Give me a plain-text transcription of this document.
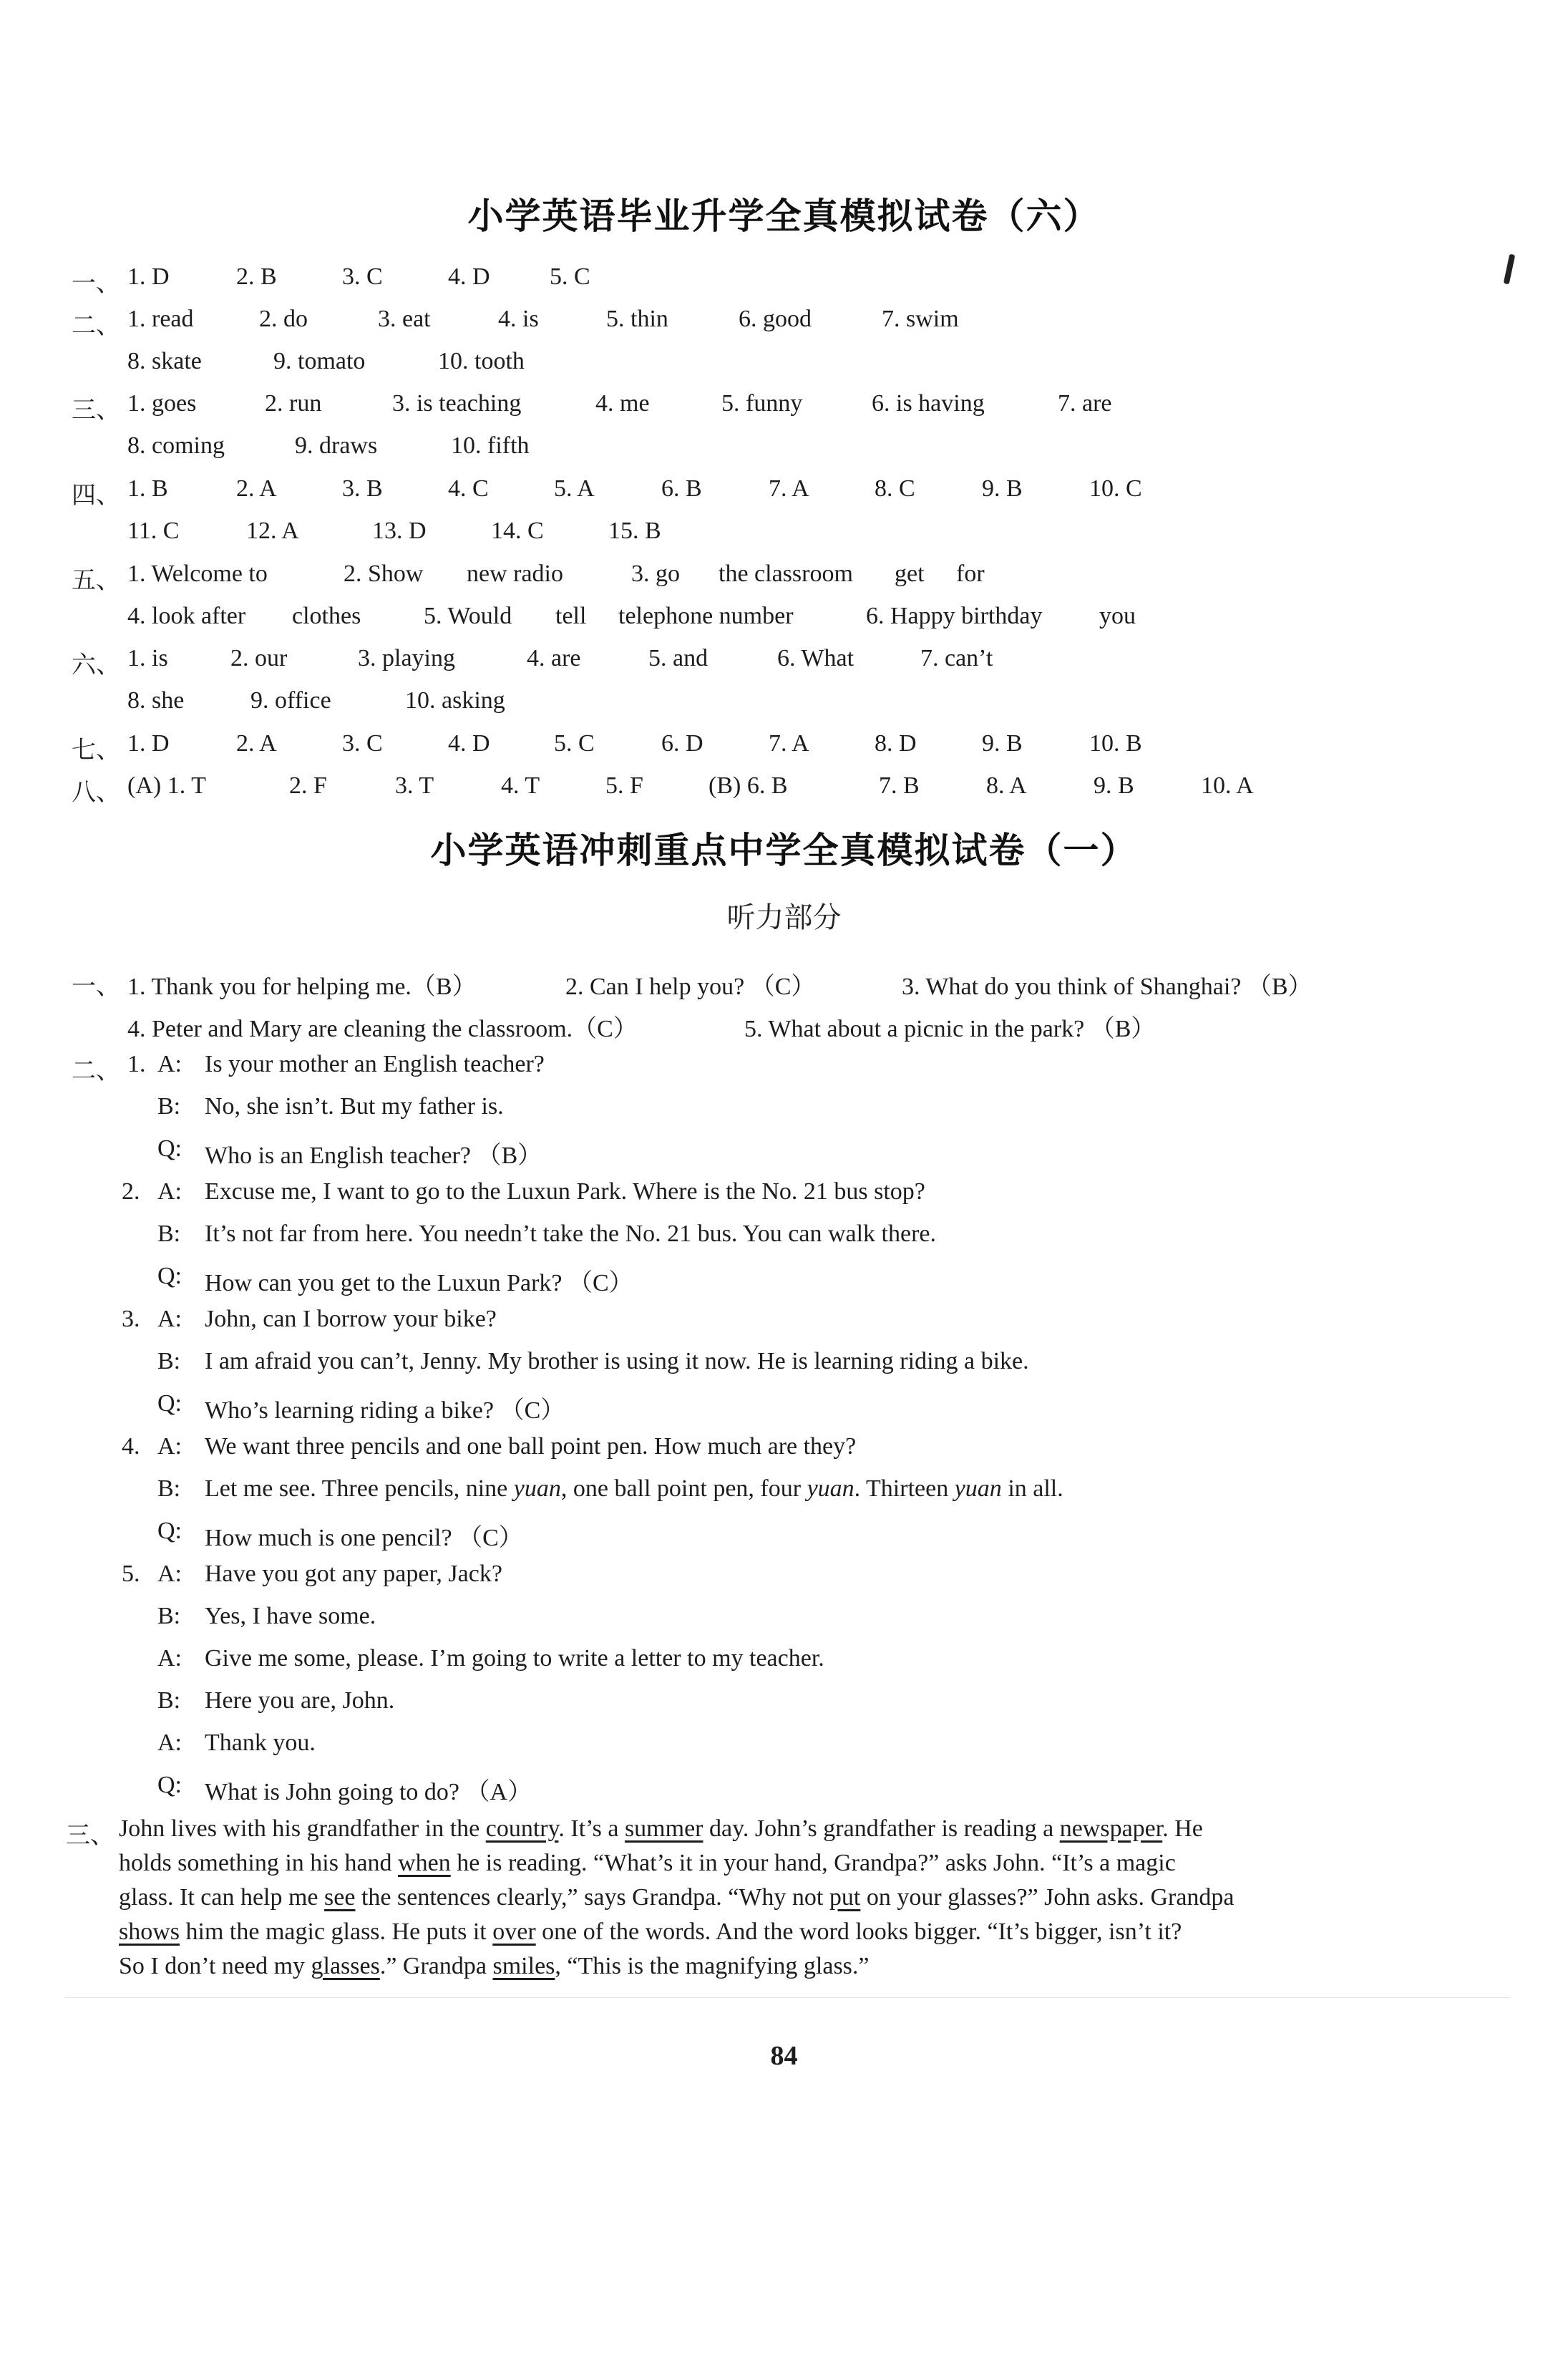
小学英语毕业升学全真模拟试卷（六）
一、 1. D	2. B	3. C	4. D 5. C
二、 1. read	2. do	3. eat	4. is	5. thin	6. good	7. swim
8. skate	9. tomato	10. tooth
三、 1. goes	2. run	3. is teaching	4. me	5. funny	6. is having	7. are
8. coming	9. draws	10. fifth
四、 1. B	2. A	3. B	4. C	5. A	6. B	7. A	8. C	9. B	10. C
11. C	12. A	13. D	14. C	15. B
五、 1. Welcome to	2. Show new radio	3. go the classroom get for
4. look after clothes	5. Would tell telephone number	6. Happy birthday you
六、 1. is	2. our	3. playing	4. are	5. and	6. What	7. can’t
8. she	9. office	10. asking
七、 1. D	2. A	3. C	4. D	5. C	6. D	7. A	8. D	9. B	10. B
八、 (A) 1. T	2. F	3. T	4. T	5. F	(B) 6. B	7. B	8. A	9. B	10. A
小学英语冲刺重点中学全真模拟试卷（一）
听力部分
一、 1. Thank you for helping me.（B）	2. Can I help you? （C）	3. What do you think of Shanghai? （B）
4. Peter and Mary are cleaning the classroom.（C）	5. What about a picnic in the park? （B）
二、 1. A: Is your mother an English teacher?
B: No, she isn’t. But my father is.
Q: Who is an English teacher? （B）
2. A: Excuse me, I want to go to the Luxun Park. Where is the No. 21 bus stop?
B: It’s not far from here. You needn’t take the No. 21 bus. You can walk there.
Q: How can you get to the Luxun Park? （C）
3. A: John, can I borrow your bike?
B: I am afraid you can’t, Jenny. My brother is using it now. He is learning riding a bike.
Q: Who’s learning riding a bike? （C）
4. A: We want three pencils and one ball point pen. How much are they?
B: Let me see. Three pencils, nine yuan, one ball point pen, four yuan. Thirteen yuan in all.
Q: How much is one pencil? （C）
5. A: Have you got any paper, Jack?
B: Yes, I have some.
A: Give me some, please. I’m going to write a letter to my teacher.
B: Here you are, John.
A: Thank you.
Q: What is John going to do? （A）
三、 John lives with his grandfather in the country. It’s a summer day. John’s grandfather is reading a newspaper. He
holds something in his hand when he is reading. “What’s it in your hand, Grandpa?” asks John. “It’s a magic
glass. It can help me see the sentences clearly,” says Grandpa. “Why not put on your glasses?” John asks. Grandpa
shows him the magic glass. He puts it over one of the words. And the word looks bigger. “It’s bigger, isn’t it?
So I don’t need my glasses.” Grandpa smiles, “This is the magnifying glass.”
84
